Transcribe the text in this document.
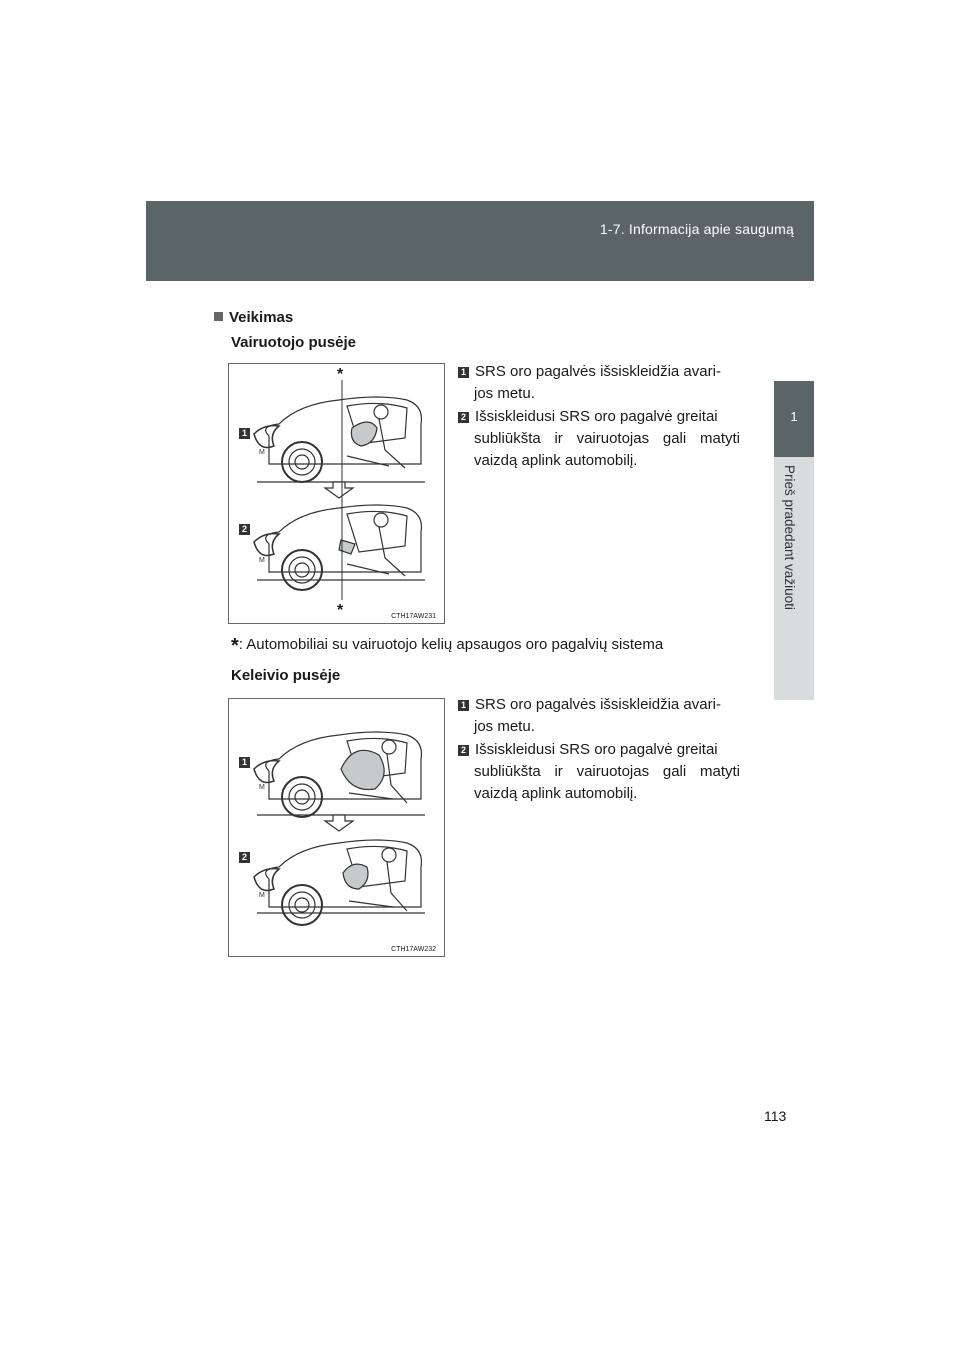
1-7. Informacija apie saugumą
1
Prieš pradedant važiuoti
Veikimas
Vairuotojo pusėje
M
M
1
2
*
*	CTH17AW231
1 SRS oro pagalvės išsiskleidžia avari-
jos metu.
2 Išsiskleidusi SRS oro pagalvė greitai
subliūkšta ir vairuotojas gali matyti vaizdą aplink automobilį.
*: Automobiliai su vairuotojo kelių apsaugos oro pagalvių sistema
Keleivio pusėje
M
M
1
2
CTH17AW232
1 SRS oro pagalvės išsiskleidžia avari-
jos metu.
2 Išsiskleidusi SRS oro pagalvė greitai
subliūkšta ir vairuotojas gali matyti vaizdą aplink automobilį.
113
